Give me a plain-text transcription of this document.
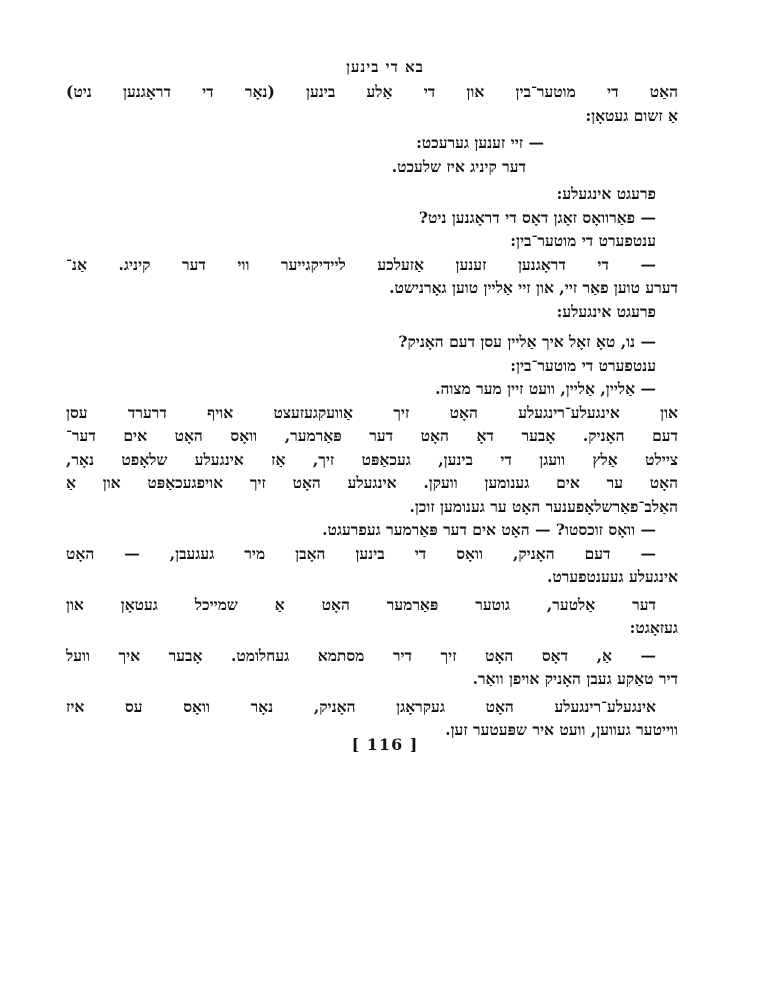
בא די בינען
האַט די מוטער־בין און די אַלע בינען (נאָר די דראָגנען ניט)
אַ זשום געטאָן:
— זיי זענען גערעכט:
דער קיניג איז שלעכט.
פרעגט אינגעלע:
— פאַרוואָס זאָגן דאָס די דראָגנען ניט?
ענטפערט די מוטער־בין:
— די דראָגנען זענען אַזעלכע ליידיקגייער ווי דער קיניג. אַנ־
דערע טוען פאַר זיי, און זיי אַליין טוען גאָרנישט.
פרעגט אינגעלע:
— נו, טאָ זאָל איך אַליין עסן דעם האָניק?
ענטפערט די מוטער־בין:
— אַליין, אַליין, וועט זיין מער מצוה.
און אינגעלע־רינגעלע האָט זיך אַוועקגעזעצט אויף דרערד עסן
דעם האָניק. אָבער דאָ האָט דער פּאַרמער, וואָס האָט אים דער־
ציילט אַלץ וועגן די בינען, געכאַפּט זיך, אַז אינגעלע שלאָפט נאָר,
האָט ער אים גענומען וועקן. אינגעלע האָט זיך אויפגעכאַפּט און אַ
האַלב־פאַרשלאָפענער האָט ער גענומען זוכן.
— וואָס זוכסטו? — האָט אים דער פּאַרמער געפרעגט.
— דעם האָניק, וואָס די בינען האָבן מיר געגעבן, — האָט
אינגעלע געענטפערט.
דער אַלטער, גוטער פּאַרמער האָט אַ שמייכל געטאָן און
געזאָגט:
— אַ, דאָס האָט זיך דיר מסתמא געחלומט. אָבער איך וועל
דיר טאַקע געבן האָניק אויפן וואַר.
אינגעלע־רינגעלע האָט געקראָגן האָניק, נאָר וואָס עס איז
ווייטער געווען, וועט איר שפּעטער זען.
[ 116 ]
